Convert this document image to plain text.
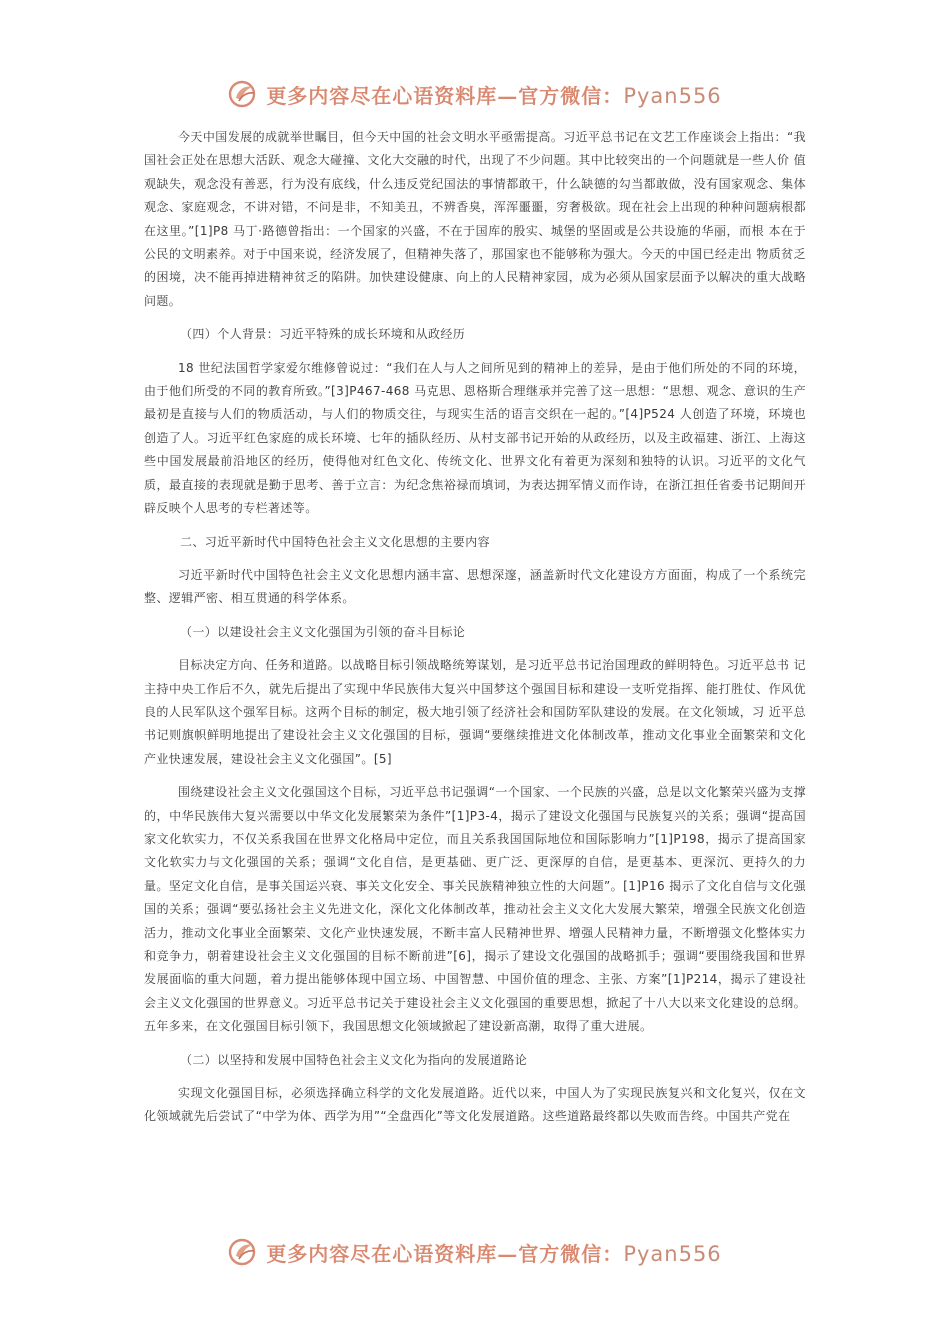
更多内容尽在心语资料库—官方微信：Pyan556

今天中国发展的成就举世瞩目，但今天中国的社会文明水平亟需提高。习近平总书记在文艺工作座谈会上指出：“我国社会正处在思想大活跃、观念大碰撞、文化大交融的时代，出现了不少问题。其中比较突出的一个问题就是一些人价 值观缺失，观念没有善恶，行为没有底线，什么违反党纪国法的事情都敢干，什么缺德的勾当都敢做，没有国家观念、集体观念、家庭观念，不讲对错，不问是非，不知美丑，不辨香臭，浑浑噩噩，穷奢极欲。现在社会上出现的种种问题病根都在这里。”[1]P8 马丁·路德曾指出：一个国家的兴盛，不在于国库的殷实、城堡的坚固或是公共设施的华丽，而根 本在于公民的文明素养。对于中国来说，经济发展了，但精神失落了，那国家也不能够称为强大。今天的中国已经走出 物质贫乏的困境，决不能再掉进精神贫乏的陷阱。加快建设健康、向上的人民精神家园，成为必须从国家层面予以解决的重大战略问题。

（四）个人背景：习近平特殊的成长环境和从政经历

18 世纪法国哲学家爱尔维修曾说过：“我们在人与人之间所见到的精神上的差异，是由于他们所处的不同的环境，由于他们所受的不同的教育所致。”[3]P467-468 马克思、恩格斯合理继承并完善了这一思想：“思想、观念、意识的生产最初是直接与人们的物质活动，与人们的物质交往，与现实生活的语言交织在一起的。”[4]P524 人创造了环境，环境也创造了人。习近平红色家庭的成长环境、七年的插队经历、从村支部书记开始的从政经历，以及主政福建、浙江、上海这些中国发展最前沿地区的经历，使得他对红色文化、传统文化、世界文化有着更为深刻和独特的认识。习近平的文化气质，最直接的表现就是勤于思考、善于立言：为纪念焦裕禄而填词，为表达拥军情义而作诗，在浙江担任省委书记期间开辟反映个人思考的专栏著述等。

二、习近平新时代中国特色社会主义文化思想的主要内容

习近平新时代中国特色社会主义文化思想内涵丰富、思想深邃，涵盖新时代文化建设方方面面，构成了一个系统完整、逻辑严密、相互贯通的科学体系。

（一）以建设社会主义文化强国为引领的奋斗目标论

目标决定方向、任务和道路。以战略目标引领战略统筹谋划，是习近平总书记治国理政的鲜明特色。习近平总书 记主持中央工作后不久，就先后提出了实现中华民族伟大复兴中国梦这个强国目标和建设一支听党指挥、能打胜仗、作风优良的人民军队这个强军目标。这两个目标的制定，极大地引领了经济社会和国防军队建设的发展。在文化领域，习 近平总书记则旗帜鲜明地提出了建设社会主义文化强国的目标，强调“要继续推进文化体制改革，推动文化事业全面繁荣和文化产业快速发展，建设社会主义文化强国”。[5]

围绕建设社会主义文化强国这个目标，习近平总书记强调“一个国家、一个民族的兴盛，总是以文化繁荣兴盛为支撑的，中华民族伟大复兴需要以中华文化发展繁荣为条件”[1]P3-4，揭示了建设文化强国与民族复兴的关系；强调“提高国家文化软实力，不仅关系我国在世界文化格局中定位，而且关系我国国际地位和国际影响力”[1]P198，揭示了提高国家文化软实力与文化强国的关系；强调“文化自信，是更基础、更广泛、更深厚的自信，是更基本、更深沉、更持久的力量。坚定文化自信，是事关国运兴衰、事关文化安全、事关民族精神独立性的大问题”。[1]P16 揭示了文化自信与文化强国的关系；强调“要弘扬社会主义先进文化，深化文化体制改革，推动社会主义文化大发展大繁荣，增强全民族文化创造活力，推动文化事业全面繁荣、文化产业快速发展，不断丰富人民精神世界、增强人民精神力量，不断增强文化整体实力和竞争力，朝着建设社会主义文化强国的目标不断前进”[6]，揭示了建设文化强国的战略抓手；强调“要围绕我国和世界发展面临的重大问题，着力提出能够体现中国立场、中国智慧、中国价值的理念、主张、方案”[1]P214，揭示了建设社会主义文化强国的世界意义。习近平总书记关于建设社会主义文化强国的重要思想，掀起了十八大以来文化建设的总纲。五年多来，在文化强国目标引领下，我国思想文化领域掀起了建设新高潮，取得了重大进展。

（二）以坚持和发展中国特色社会主义文化为指向的发展道路论

实现文化强国目标，必须选择确立科学的文化发展道路。近代以来，中国人为了实现民族复兴和文化复兴，仅在文化领域就先后尝试了“中学为体、西学为用”“全盘西化”等文化发展道路。这些道路最终都以失败而告终。中国共产党在

更多内容尽在心语资料库—官方微信：Pyan556
